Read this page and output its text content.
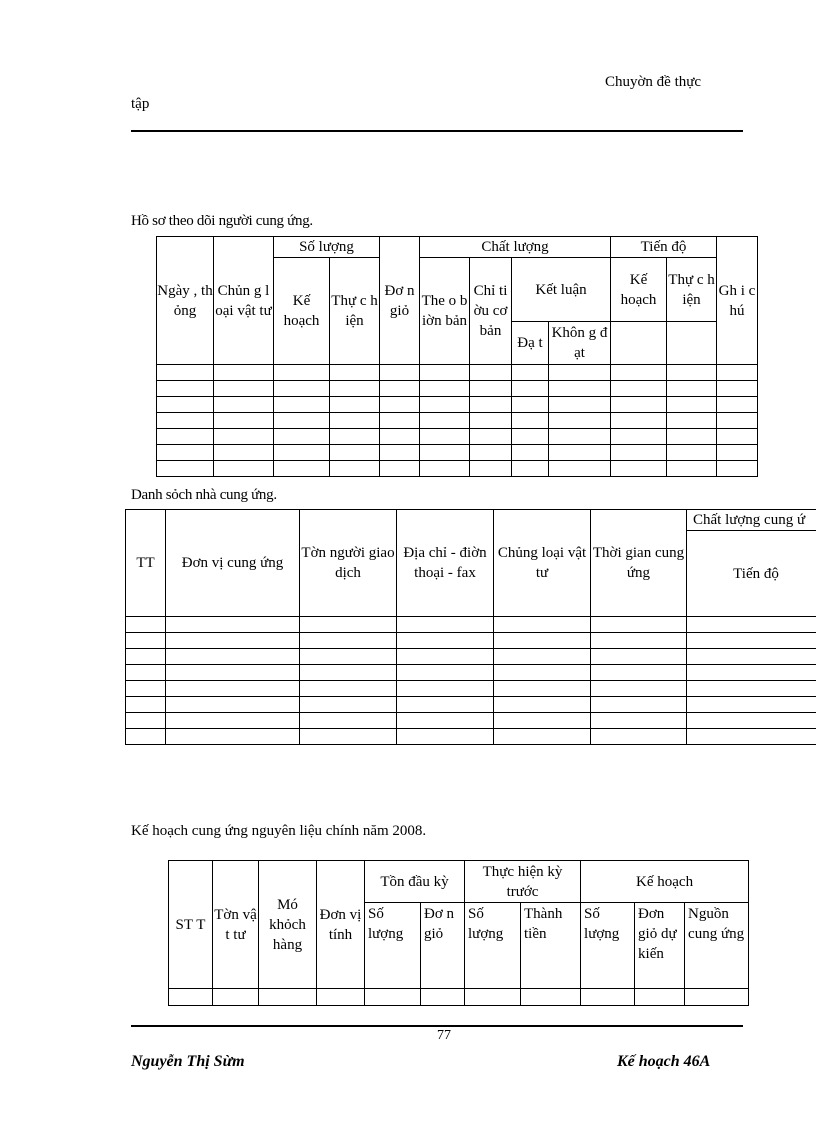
Chuyờn đề thực
tập
Hồ sơ theo dõi người cung ứng.
Ngày , thỏng	Chủn g loại vật tư	Số lượng		Đơ n giỏ	Chất lượng				Tiến độ		Gh i chú
		Kế hoạch	Thự c hiện		The o biờn bản	Chỉ tiờu cơ bản	Kết luận		Kế hoạch	Thự c hiện	
							Đạ t	Khôn g đạt			

Danh sỏch nhà cung ứng.
TT	Đơn vị cung ứng	Tờn người giao dịch	Địa chỉ - điờn thoại - fax	Chủng loại vật tư	Thời gian cung ứng	Chất lượng cung ứ
						Tiến độ

Kế hoạch cung ứng nguyên liệu chính năm 2008.
ST T	Tờn vật tư	Mó khỏch hàng	Đơn vị tính	Tồn đầu kỳ		Thực hiện kỳ trước		Kế hoạch		
				Số lượng	Đơ n giỏ	Số lượng	Thành tiền	Số lượng	Đơn giỏ dự kiến	Nguồn cung ứng

77
Nguyễn Thị Sừm	Kế hoạch 46A
